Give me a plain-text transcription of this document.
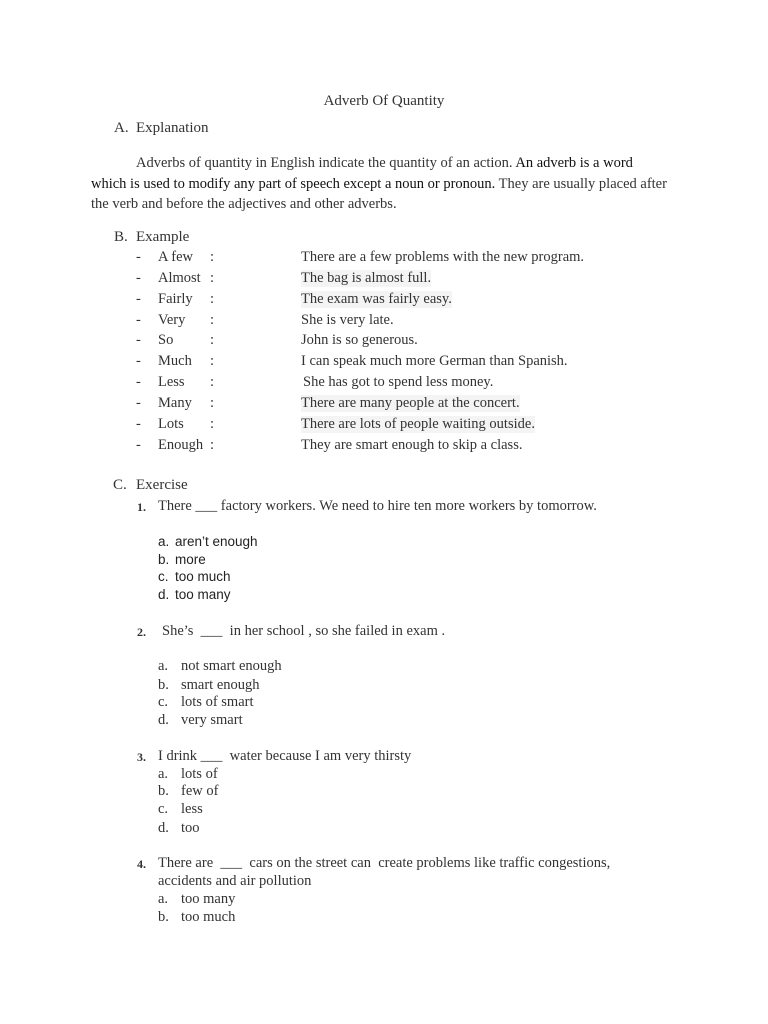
Adverb Of Quantity
A. Explanation
Adverbs of quantity in English indicate the quantity of an action. An adverb is a word which is used to modify any part of speech except a noun or pronoun. They are usually placed after the verb and before the adjectives and other adverbs.
B. Example
- A few :	There are a few problems with the new program.
- Almost :	The bag is almost full.
- Fairly :	The exam was fairly easy.
- Very :	She is very late.
- So	:	John is so generous.
- Much :	I can speak much more German than Spanish.
- Less :	She has got to spend less money.
- Many :	There are many people at the concert.
- Lots :	There are lots of people waiting outside.
- Enough :	They are smart enough to skip a class.
C. Exercise
1. There ___ factory workers. We need to hire ten more workers by tomorrow.
a. aren’t enough
b. more
c. too much
d. too many
2. She’s  ___  in her school , so she failed in exam .
a. not smart enough
b. smart enough
c. lots of smart
d. very smart
3. I drink ___  water because I am very thirsty
a. lots of
b. few of
c. less
d. too
4. There are  ___  cars on the street can  create problems like traffic congestions,
accidents and air pollution
a. too many
b. too much
